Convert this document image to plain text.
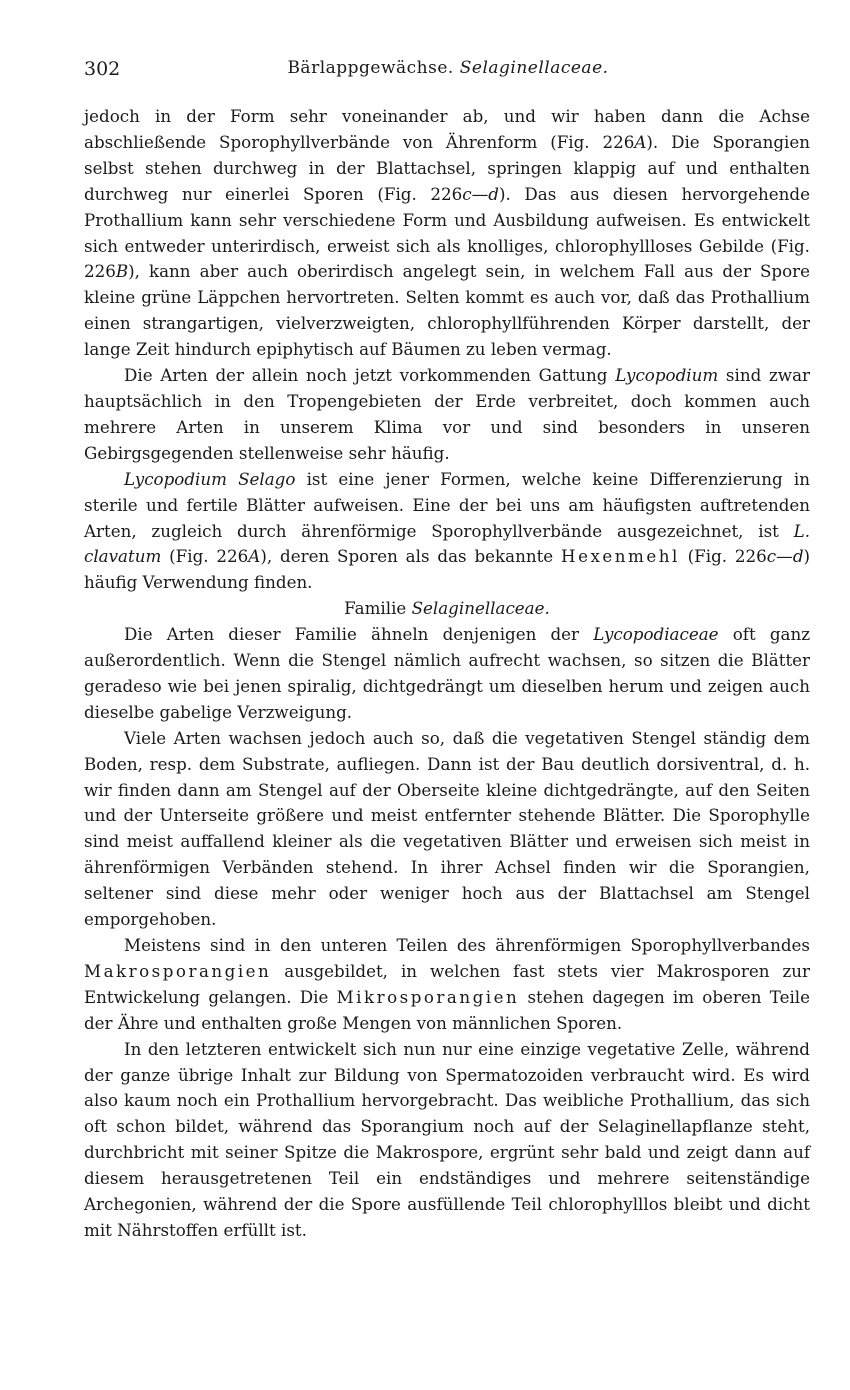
302	Bärlappgewächse. Selaginellaceae.

jedoch in der Form sehr voneinander ab, und wir haben dann die Achse abschließende Sporophyllverbände von Ährenform (Fig. 226A). Die Sporangien selbst stehen durchweg in der Blattachsel, springen klappig auf und enthalten durchweg nur einerlei Sporen (Fig. 226c—d). Das aus diesen hervorgehende Prothallium kann sehr verschiedene Form und Ausbildung aufweisen. Es entwickelt sich entweder unterirdisch, erweist sich als knolliges, chlorophyllloses Gebilde (Fig. 226B), kann aber auch oberirdisch angelegt sein, in welchem Fall aus der Spore kleine grüne Läppchen hervortreten. Selten kommt es auch vor, daß das Prothallium einen strangartigen, vielverzweigten, chlorophyllführenden Körper darstellt, der lange Zeit hindurch epiphytisch auf Bäumen zu leben vermag.

Die Arten der allein noch jetzt vorkommenden Gattung Lycopodium sind zwar hauptsächlich in den Tropengebieten der Erde verbreitet, doch kommen auch mehrere Arten in unserem Klima vor und sind besonders in unseren Gebirgsgegenden stellenweise sehr häufig.

Lycopodium Selago ist eine jener Formen, welche keine Differenzierung in sterile und fertile Blätter aufweisen. Eine der bei uns am häufigsten auftretenden Arten, zugleich durch ährenförmige Sporophyllverbände ausgezeichnet, ist L. clavatum (Fig. 226A), deren Sporen als das bekannte Hexenmehl (Fig. 226c—d) häufig Verwendung finden.

Familie Selaginellaceae.

Die Arten dieser Familie ähneln denjenigen der Lycopodiaceae oft ganz außerordentlich. Wenn die Stengel nämlich aufrecht wachsen, so sitzen die Blätter geradeso wie bei jenen spiralig, dichtgedrängt um dieselben herum und zeigen auch dieselbe gabelige Verzweigung.

Viele Arten wachsen jedoch auch so, daß die vegetativen Stengel ständig dem Boden, resp. dem Substrate, aufliegen. Dann ist der Bau deutlich dorsiventral, d. h. wir finden dann am Stengel auf der Oberseite kleine dichtgedrängte, auf den Seiten und der Unterseite größere und meist entfernter stehende Blätter. Die Sporophylle sind meist auffallend kleiner als die vegetativen Blätter und erweisen sich meist in ährenförmigen Verbänden stehend. In ihrer Achsel finden wir die Sporangien, seltener sind diese mehr oder weniger hoch aus der Blattachsel am Stengel emporgehoben.

Meistens sind in den unteren Teilen des ährenförmigen Sporophyllverbandes Makrosporangien ausgebildet, in welchen fast stets vier Makrosporen zur Entwickelung gelangen. Die Mikrosporangien stehen dagegen im oberen Teile der Ähre und enthalten große Mengen von männlichen Sporen.

In den letzteren entwickelt sich nun nur eine einzige vegetative Zelle, während der ganze übrige Inhalt zur Bildung von Spermatozoiden verbraucht wird. Es wird also kaum noch ein Prothallium hervorgebracht. Das weibliche Prothallium, das sich oft schon bildet, während das Sporangium noch auf der Selaginellapflanze steht, durchbricht mit seiner Spitze die Makrospore, ergrünt sehr bald und zeigt dann auf diesem herausgetretenen Teil ein endständiges und mehrere seitenständige Archegonien, während der die Spore ausfüllende Teil chlorophylllos bleibt und dicht mit Nährstoffen erfüllt ist.
